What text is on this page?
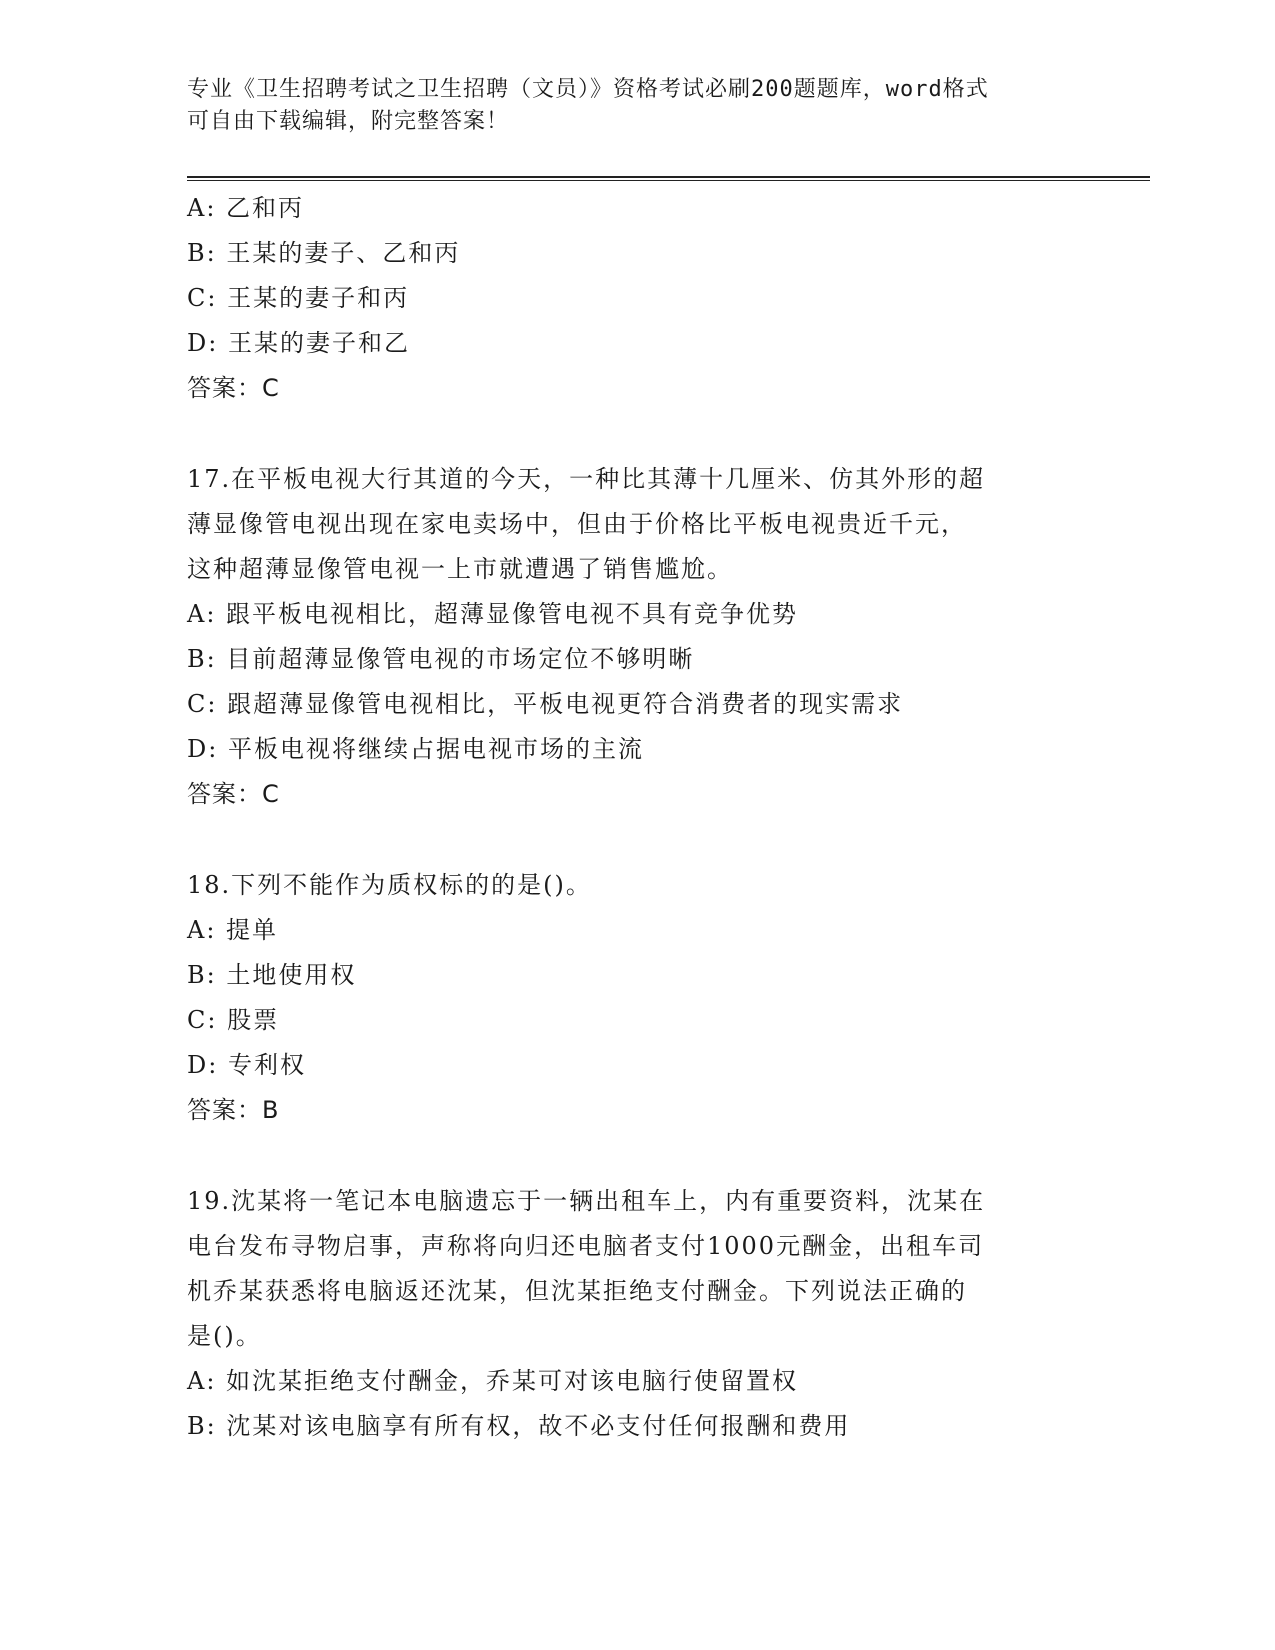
专业《卫生招聘考试之卫生招聘（文员）》资格考试必刷200题题库，word格式
可自由下载编辑，附完整答案！
A: 乙和丙
B: 王某的妻子、乙和丙
C: 王某的妻子和丙
D: 王某的妻子和乙
答案：C
17.在平板电视大行其道的今天，一种比其薄十几厘米、仿其外形的超
薄显像管电视出现在家电卖场中，但由于价格比平板电视贵近千元，
这种超薄显像管电视一上市就遭遇了销售尴尬。
A: 跟平板电视相比，超薄显像管电视不具有竞争优势
B: 目前超薄显像管电视的市场定位不够明晰
C: 跟超薄显像管电视相比，平板电视更符合消费者的现实需求
D: 平板电视将继续占据电视市场的主流
答案：C
18.下列不能作为质权标的的是()。
A: 提单
B: 土地使用权
C: 股票
D: 专利权
答案：B
19.沈某将一笔记本电脑遗忘于一辆出租车上，内有重要资料，沈某在
电台发布寻物启事，声称将向归还电脑者支付1000元酬金，出租车司
机乔某获悉将电脑返还沈某，但沈某拒绝支付酬金。下列说法正确的
是()。
A: 如沈某拒绝支付酬金，乔某可对该电脑行使留置权
B: 沈某对该电脑享有所有权，故不必支付任何报酬和费用
